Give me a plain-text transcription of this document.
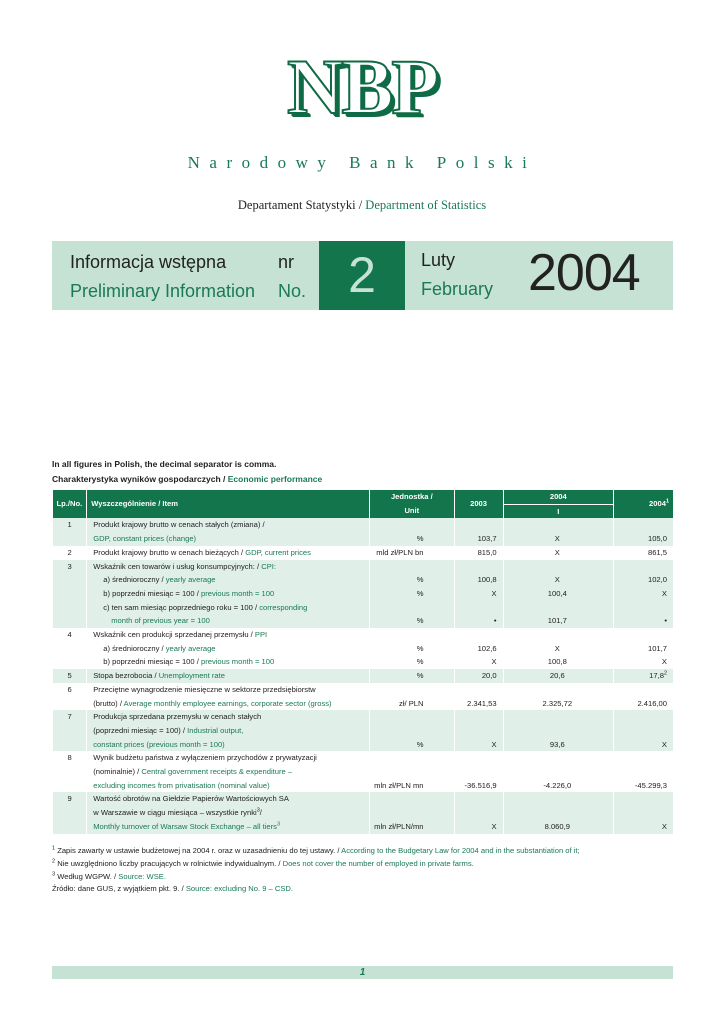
NBP
Narodowy Bank Polski
Departament Statystyki / Department of Statistics
Informacja wstępna
Preliminary Information
nr
No. 2	Luty
February 2004
In all figures in Polish, the decimal separator is comma.
Charakterystyka wyników gospodarczych / Economic performance
Lp./No.	Wyszczególnienie / Item	Jednostka /	2003	2004	2004$^1$
		Unit		I	
1	Produkt krajowy brutto w cenach stałych (zmiana) /				
	GDP, constant prices (change)	%	103,7	X	105,0
2	Produkt krajowy brutto w cenach bieżących / GDP, current prices	mld zł/PLN bn	815,0	X	861,5
3	Wskaźnik cen towarów i usług konsumpcyjnych: / CPI:				
	a) średnioroczny / yearly average	%	100,8	X	102,0
	b) poprzedni miesiąc = 100 / previous month = 100	%	X	100,4	X
	c) ten sam miesiąc poprzedniego roku = 100 / corresponding				
	month of previous year = 100	%	•	101,7	•
4	Wskaźnik cen produkcji sprzedanej przemysłu / PPI				
	a) średnioroczny / yearly average	%	102,6	X	101,7
	b) poprzedni miesiąc = 100 / previous month = 100	%	X	100,8	X
5	Stopa bezrobocia / Unemployment rate	%	20,0	20,6	17,8$^2$
6	Przeciętne wynagrodzenie miesięczne w sektorze przedsiębiorstw				
	(brutto) / Average monthly employee earnings, corporate sector (gross)	zł/ PLN	2.341,53	2.325,72	2.416,00
7	Produkcja sprzedana przemysłu w cenach stałych				
	(poprzedni miesiąc = 100) / Industrial output,				
	constant prices (previous month = 100)	%	X	93,6	X
8	Wynik budżetu państwa z wyłączeniem przychodów z prywatyzacji				
	(nominalnie) / Central government receipts & expenditure –				
	excluding incomes from privatisation (nominal value)	mln zł/PLN mn	-36.516,9	-4.226,0	-45.299,3
9	Wartość obrotów na Giełdzie Papierów Wartościowych SA				
	w Warszawie w ciągu miesiąca – wszystkie rynki$^3$/				
	Monthly turnover of Warsaw Stock Exchange – all tiers$^3$	mln zł/PLN/mn	X	8.060,9	X
$^1$ Zapis zawarty w ustawie budżetowej na 2004 r. oraz w uzasadnieniu do tej ustawy. / According to the Budgetary Law for 2004 and in the substantiation of it;
$^2$ Nie uwzględniono liczby pracujących w rolnictwie indywidualnym. / Does not cover the number of employed in private farms.
$^3$ Według WGPW. / Source: WSE.
Źródło: dane GUS, z wyjątkiem pkt. 9. / Source: excluding No. 9 – CSD.
1
